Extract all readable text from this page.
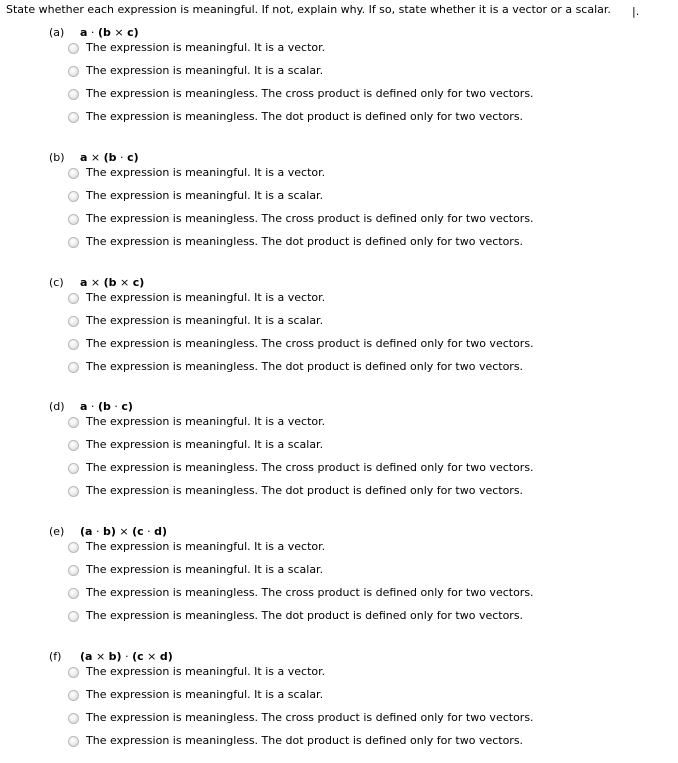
State whether each expression is meaningful. If not, explain why. If so, state whether it is a vector or a scalar. |.
(a) a · (b × c)
The expression is meaningful. It is a vector.
The expression is meaningful. It is a scalar.
The expression is meaningless. The cross product is defined only for two vectors.
The expression is meaningless. The dot product is defined only for two vectors.
(b) a × (b · c)
The expression is meaningful. It is a vector.
The expression is meaningful. It is a scalar.
The expression is meaningless. The cross product is defined only for two vectors.
The expression is meaningless. The dot product is defined only for two vectors.
(c) a × (b × c)
The expression is meaningful. It is a vector.
The expression is meaningful. It is a scalar.
The expression is meaningless. The cross product is defined only for two vectors.
The expression is meaningless. The dot product is defined only for two vectors.
(d) a · (b · c)
The expression is meaningful. It is a vector.
The expression is meaningful. It is a scalar.
The expression is meaningless. The cross product is defined only for two vectors.
The expression is meaningless. The dot product is defined only for two vectors.
(e) (a · b) × (c · d)
The expression is meaningful. It is a vector.
The expression is meaningful. It is a scalar.
The expression is meaningless. The cross product is defined only for two vectors.
The expression is meaningless. The dot product is defined only for two vectors.
(f) (a × b) · (c × d)
The expression is meaningful. It is a vector.
The expression is meaningful. It is a scalar.
The expression is meaningless. The cross product is defined only for two vectors.
The expression is meaningless. The dot product is defined only for two vectors.
